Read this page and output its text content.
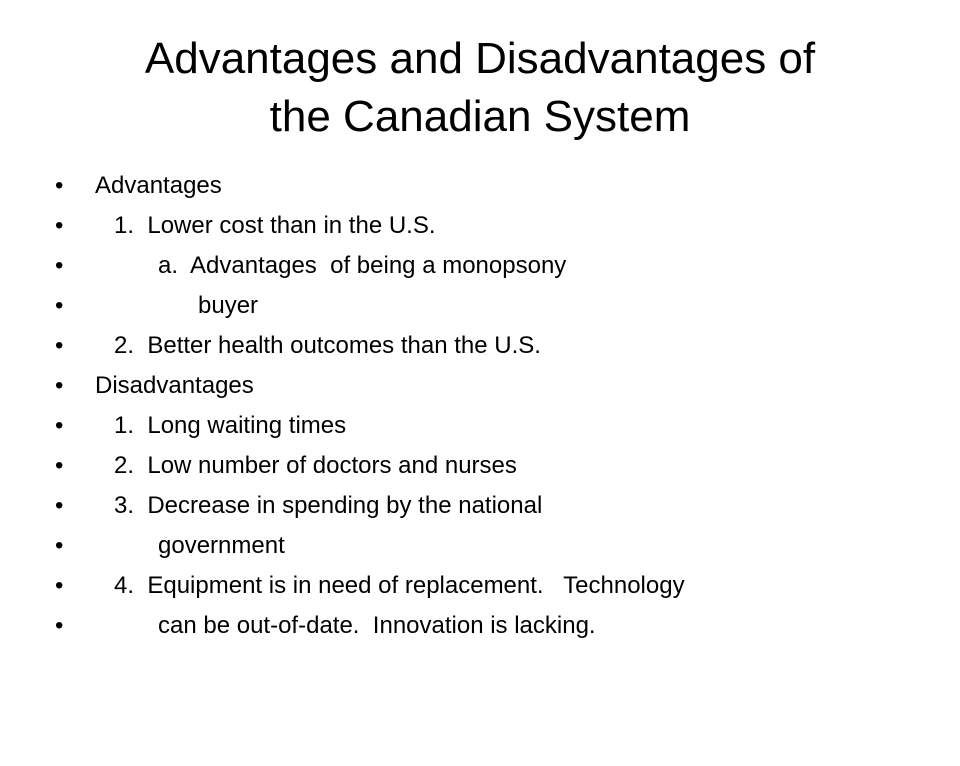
Advantages and Disadvantages of
the Canadian System

•

	Advantages

•

	1.  Lower cost than in the U.S.

•

	a.  Advantages  of being a monopsony

•

	buyer

•

	2.  Better health outcomes than the U.S.

•

	Disadvantages

•

	1.  Long waiting times

•

	2.  Low number of doctors and nurses

•

	3.  Decrease in spending by the national

•

	government

•

	4.  Equipment is in need of replacement.   Technology

•

	can be out-of-date.  Innovation is lacking.
